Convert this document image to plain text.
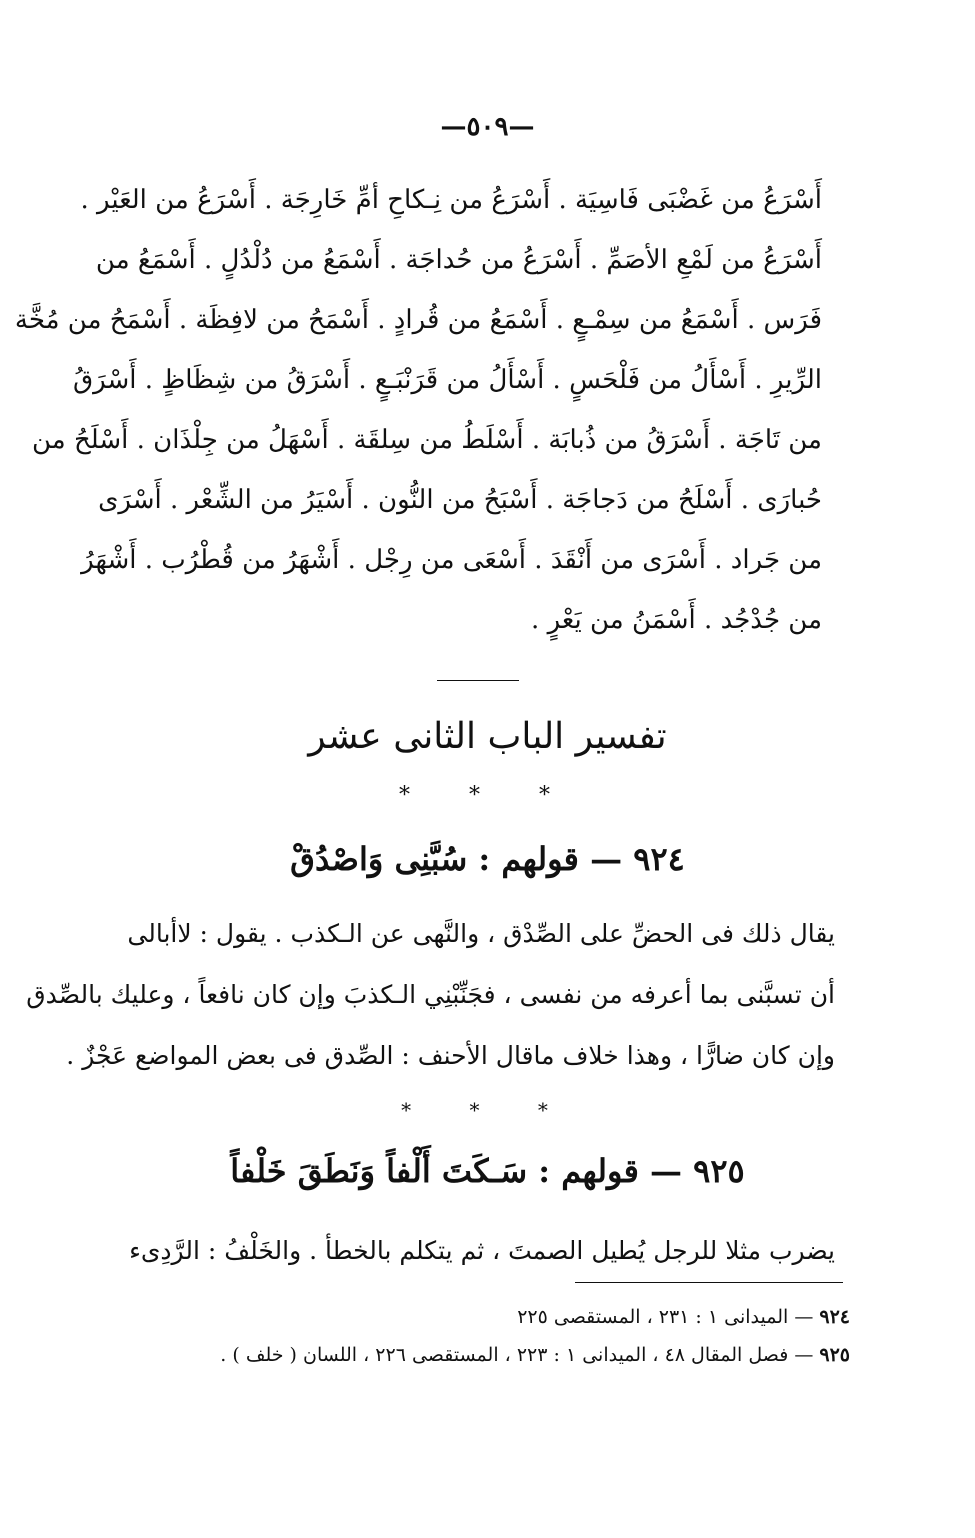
—٥٠٩—
أَسْرَعُ من غَضْبَى فَاسِيَة . أَسْرَعُ من نِـكاحِ أمِّ خَارِجَة . أَسْرَعُ من العَيْر .
أَسْرَعُ من لَمْعِ الأصَمِّ . أَسْرَعُ من حُداجَة . أَسْمَعُ من دُلْدُلٍ . أَسْمَعُ من
فَرَس . أَسْمَعُ من سِمْـعٍ . أَسْمَعُ من قُرادٍ . أَسْمَحُ من لافِظَة . أَسْمَحُ من مُخَّة
الرِّيرِ . أَسْأَلُ من فَلْحَسٍ . أَسْأَلُ من قَرَنْبَـعٍ . أَسْرَقُ من شِظَاظٍ . أَسْرَقُ
من تَاجَة . أَسْرَقُ من ذُبابَة . أَسْلَطُ من سِلقَة . أَسْهَلُ من جِلْذَان . أَسْلَحُ من
حُبارَى . أَسْلَحُ من دَجاجَة . أَسْبَحُ من النُّون . أَسْيَرُ من الشِّعْر . أَسْرَى
من جَراد . أَسْرَى من أَنْقَدَ . أَسْعَى من رِجْل . أَشْهَرُ من قُطْرُب . أَشْهَرُ
من جُدْجُد . أَسْمَنُ من يَعْرٍ .
تفسير الباب الثانى عشر
* * *
٩٢٤ — قولهم : سُبَّنِى وَاصْدُقْ
يقال ذلك فى الحضِّ على الصِّدْق ، والنَّهى عن الـكذب . يقول : لاأبالى
أن تسبَّنى بما أعرفه من نفسى ، فجَنِّبْنِي الـكذبَ وإن كان نافعاً ، وعليك بالصِّدق
وإن كان ضارًّا ، وهذا خلاف ماقال الأحنف : الصِّدق فى بعض المواضع عَجْزٌ .
* * *
٩٢٥ — قولهم : سَـكَتَ أَلْفاً وَنَطَقَ خَلْفاً
يضرب مثلا للرجل يُطيل الصمتَ ، ثم يتكلم بالخطأ . والخَلْفُ : الرَّدِىء
٩٢٤ — الميدانى ١ : ٢٣١ ، المستقصى ٢٢٥
٩٢٥ — فصل المقال ٤٨ ، الميدانى ١ : ٢٢٣ ، المستقصى ٢٢٦ ، اللسان ( خلف ) .
